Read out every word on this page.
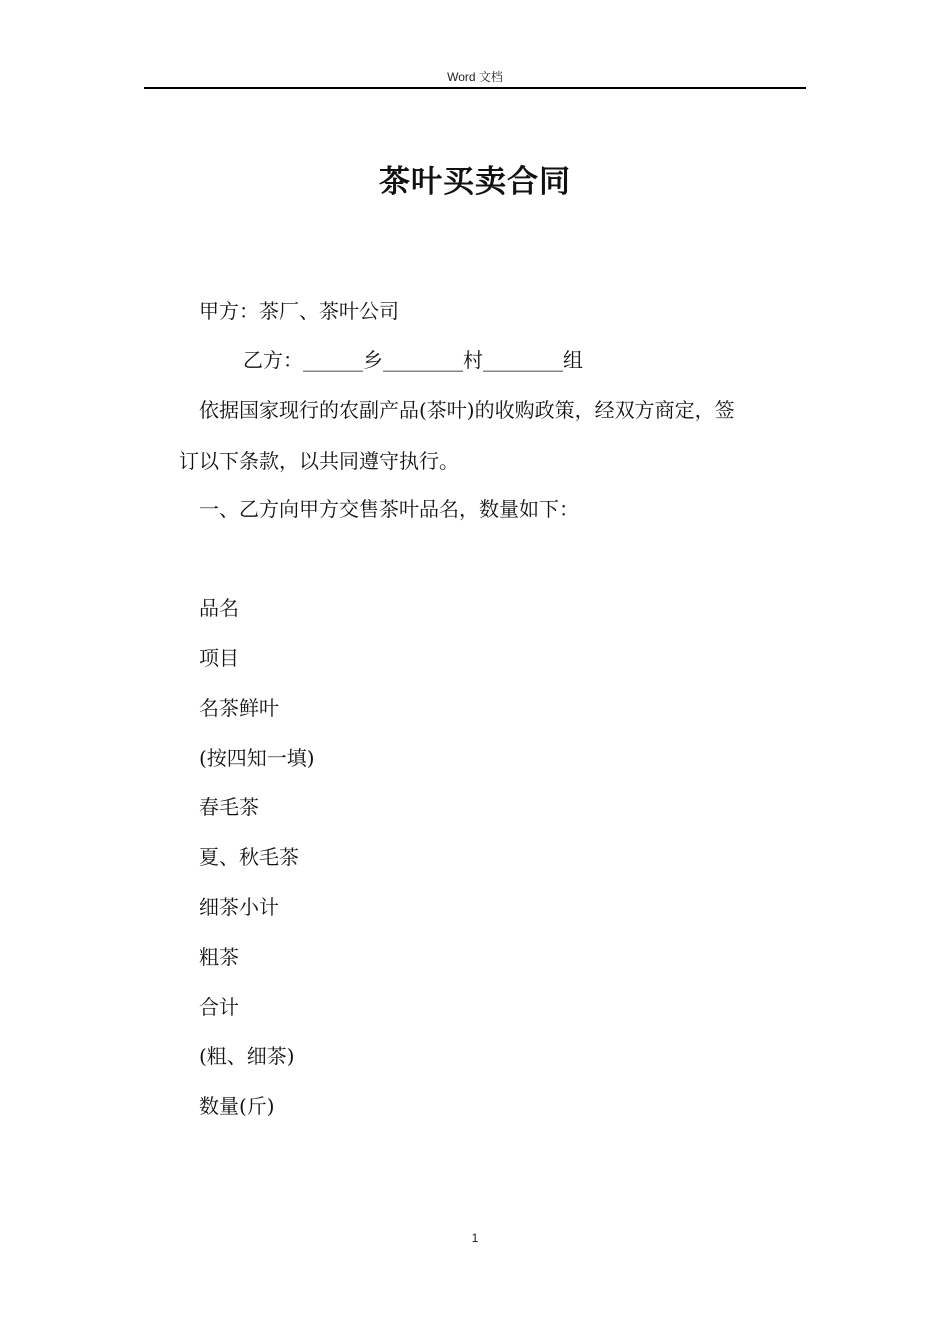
Word 文档
茶叶买卖合同
甲方：茶厂、茶叶公司
乙方：______乡________村________组
依据国家现行的农副产品(茶叶)的收购政策，经双方商定，签
订以下条款，以共同遵守执行。
一、乙方向甲方交售茶叶品名，数量如下：
品名
项目
名茶鲜叶
(按四知一填)
春毛茶
夏、秋毛茶
细茶小计
粗茶
合计
(粗、细茶)
数量(斤)
1
